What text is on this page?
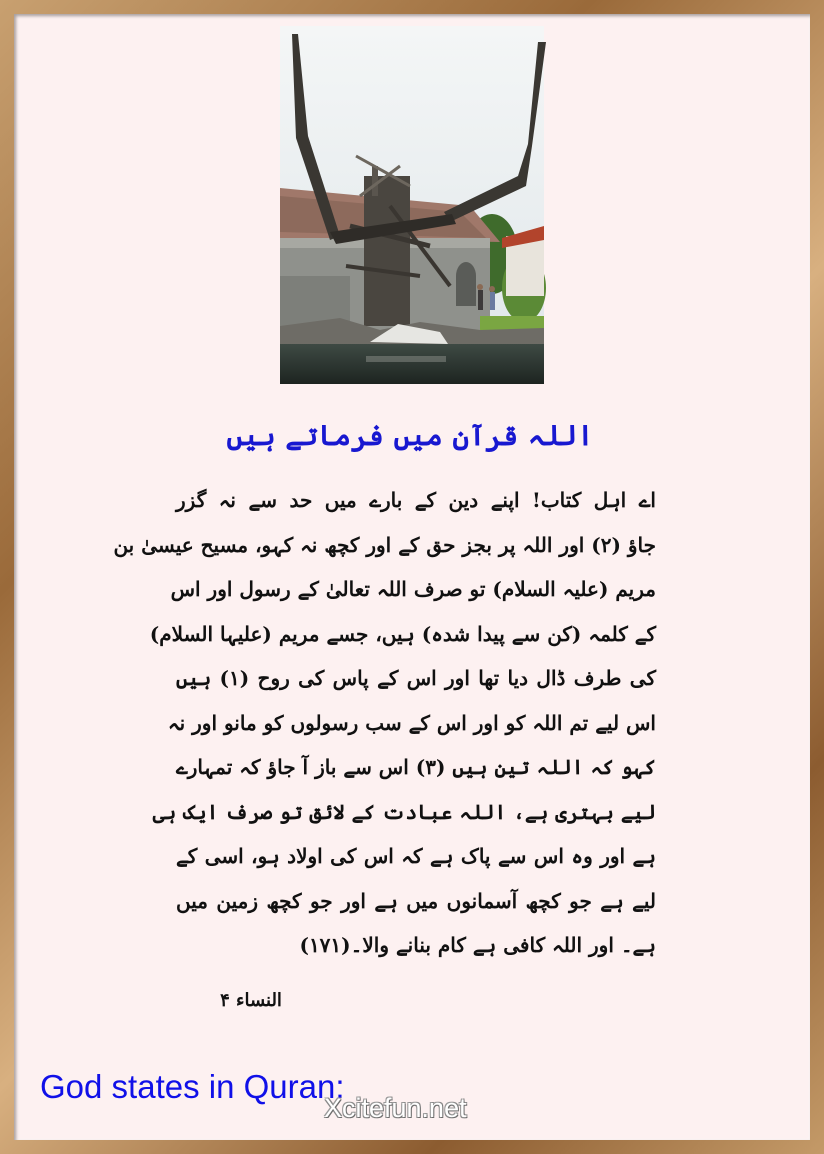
اللہ قرآن میں فرماتے ہیں
اے اہل کتاب! اپنے دین کے بارے میں حد سے نہ گزر
جاؤ (۲) اور اللہ پر بجز حق کے اور کچھ نہ کہو، مسیح عیسیٰ بن
مریم (علیہ السلام) تو صرف اللہ تعالیٰ کے رسول اور اس
کے کلمہ (کن سے پیدا شدہ) ہیں، جسے مریم (علیہا السلام)
کی طرف ڈال دیا تھا اور اس کے پاس کی روح (۱) ہیں
اس لیے تم اللہ کو اور اس کے سب رسولوں کو مانو اور نہ
کہو کہ اللہ تین ہیں (۳) اس سے باز آ جاؤ کہ تمہارے
لیے بہتری ہے، اللہ عبادت کے لائق تو صرف ایک ہی
ہے اور وہ اس سے پاک ہے کہ اس کی اولاد ہو، اسی کے
لیے ہے جو کچھ آسمانوں میں ہے اور جو کچھ زمین میں
ہے۔ اور اللہ کافی ہے کام بنانے والا۔(۱۷۱)
النساء ۴
God states in Quran:
Xcitefun.net
